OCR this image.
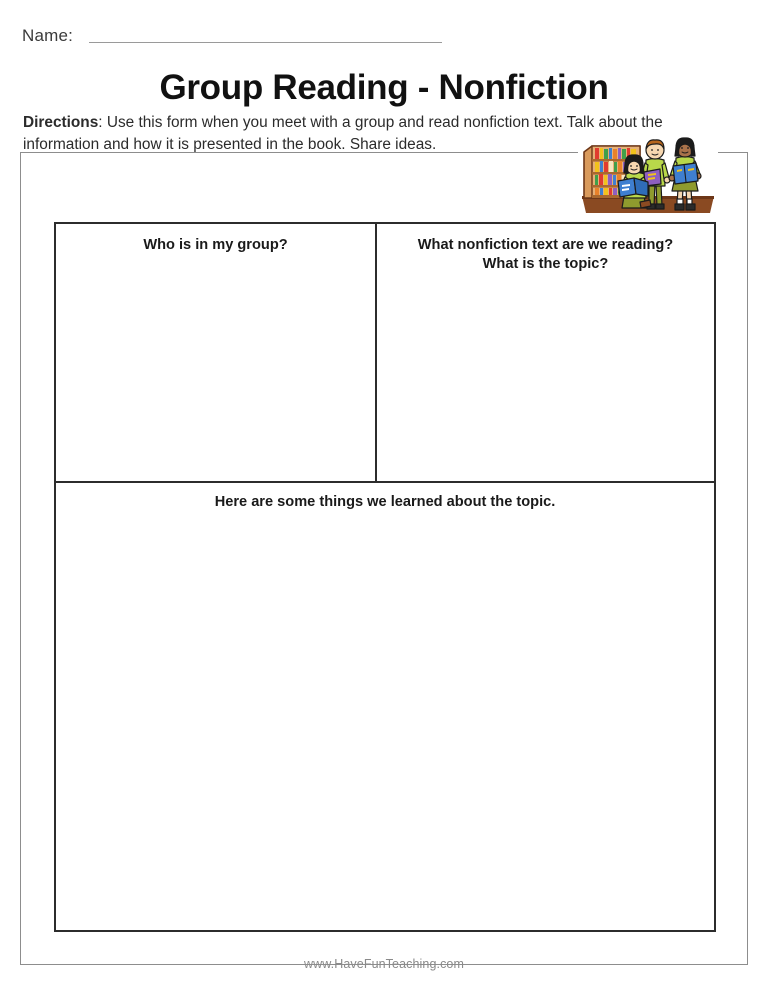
Name:
Group Reading - Nonfiction

Directions: Use this form when you meet with a group and read nonfiction text. Talk about the information and how it is presented in the book. Share ideas.

Who is in my group?	What nonfiction text are we reading?
What is the topic?
Here are some things we learned about the topic.
www.HaveFunTeaching.com
